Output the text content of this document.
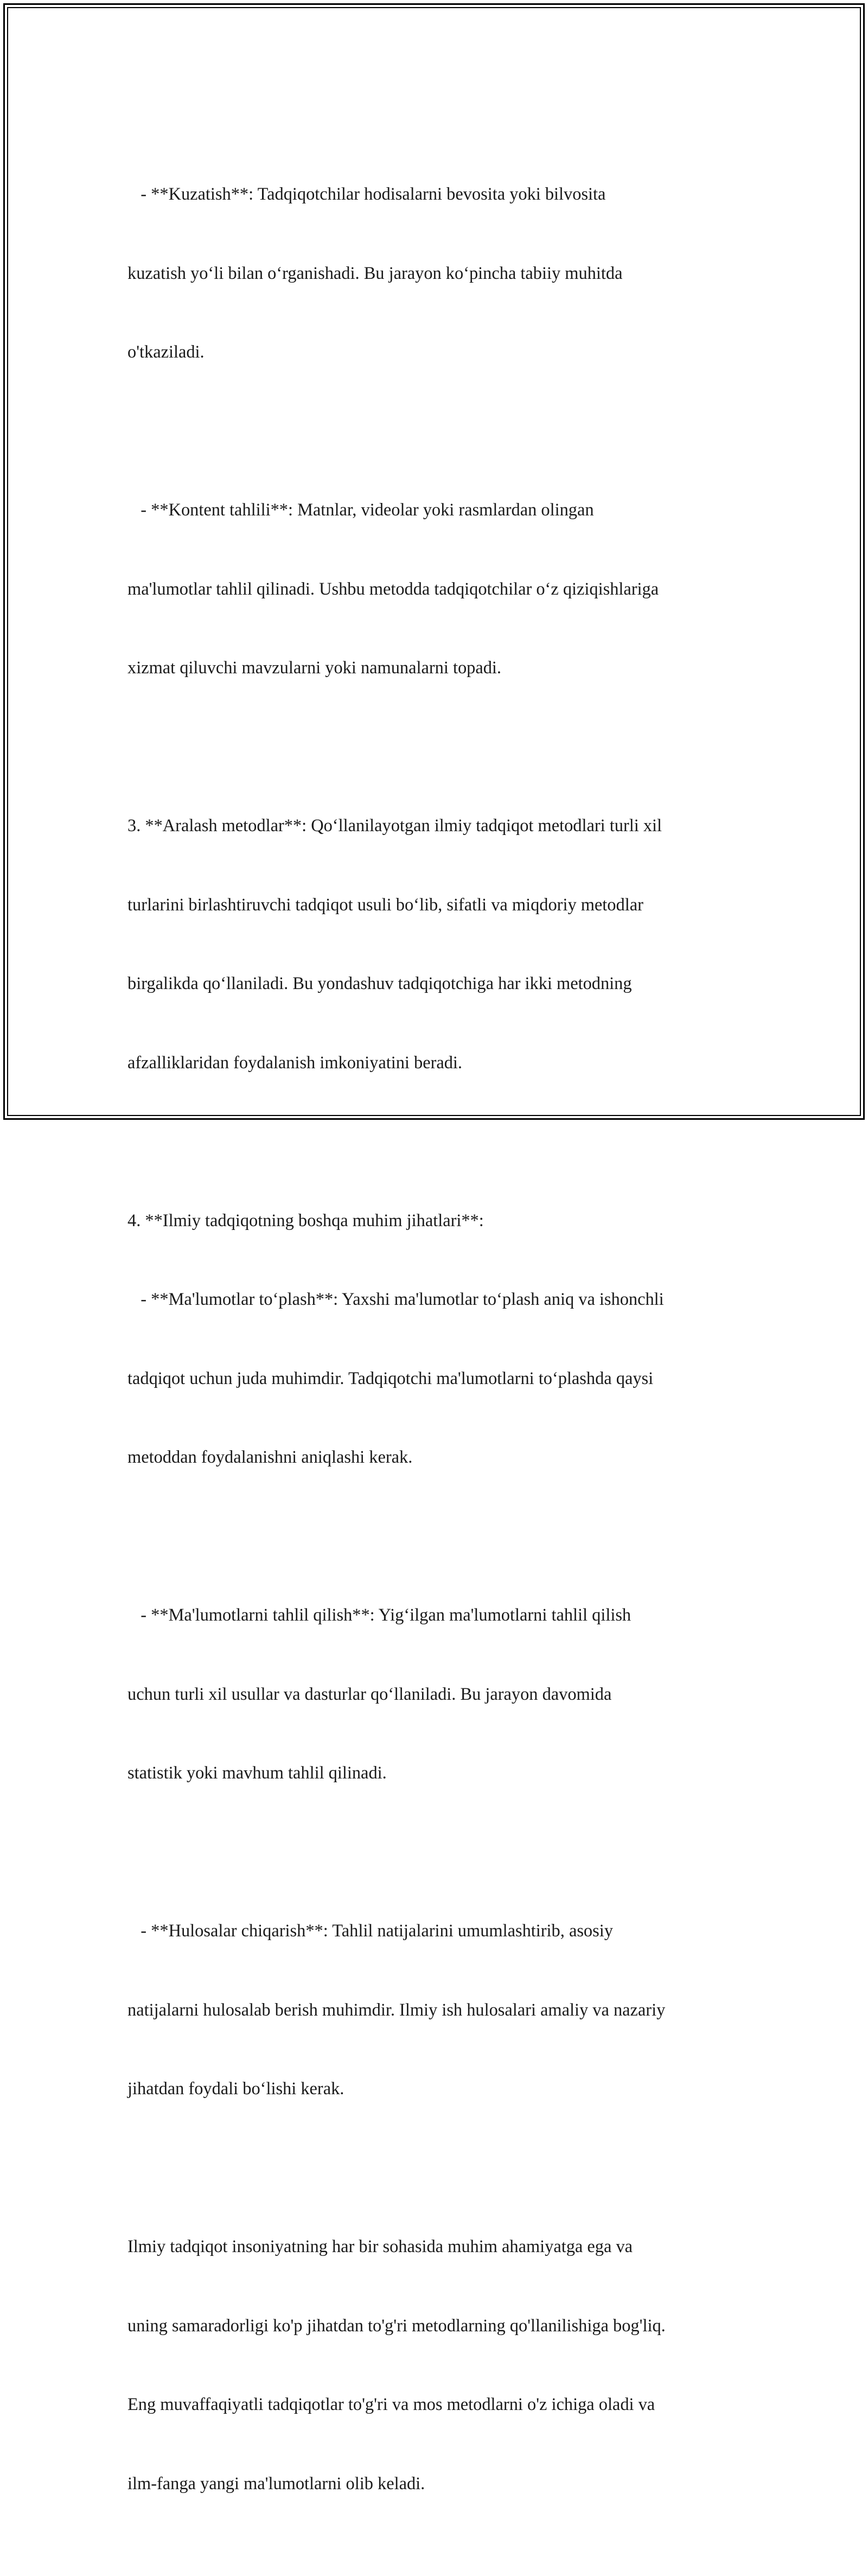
- **Kuzatish**: Tadqiqotchilar hodisalarni bevosita yoki bilvosita

kuzatish yo‘li bilan o‘rganishadi. Bu jarayon ko‘pincha tabiiy muhitda

o'tkaziladi.

- **Kontent tahlili**: Matnlar, videolar yoki rasmlardan olingan

ma'lumotlar tahlil qilinadi. Ushbu metodda tadqiqotchilar o‘z qiziqishlariga

xizmat qiluvchi mavzularni yoki namunalarni topadi.

3. **Aralash metodlar**: Qo‘llanilayotgan ilmiy tadqiqot metodlari turli xil

turlarini birlashtiruvchi tadqiqot usuli bo‘lib, sifatli va miqdoriy metodlar

birgalikda qo‘llaniladi. Bu yondashuv tadqiqotchiga har ikki metodning

afzalliklaridan foydalanish imkoniyatini beradi.

4. **Ilmiy tadqiqotning boshqa muhim jihatlari**:

- **Ma'lumotlar to‘plash**: Yaxshi ma'lumotlar to‘plash aniq va ishonchli

tadqiqot uchun juda muhimdir. Tadqiqotchi ma'lumotlarni to‘plashda qaysi

metoddan foydalanishni aniqlashi kerak.

- **Ma'lumotlarni tahlil qilish**: Yig‘ilgan ma'lumotlarni tahlil qilish

uchun turli xil usullar va dasturlar qo‘llaniladi. Bu jarayon davomida

statistik yoki mavhum tahlil qilinadi.

- **Hulosalar chiqarish**: Tahlil natijalarini umumlashtirib, asosiy

natijalarni hulosalab berish muhimdir. Ilmiy ish hulosalari amaliy va nazariy

jihatdan foydali bo‘lishi kerak.

Ilmiy tadqiqot insoniyatning har bir sohasida muhim ahamiyatga ega va

uning samaradorligi ko'p jihatdan to'g'ri metodlarning qo'llanilishiga bog'liq.

Eng muvaffaqiyatli tadqiqotlar to'g'ri va mos metodlarni o'z ichiga oladi va

ilm-fanga yangi ma'lumotlarni olib keladi.
